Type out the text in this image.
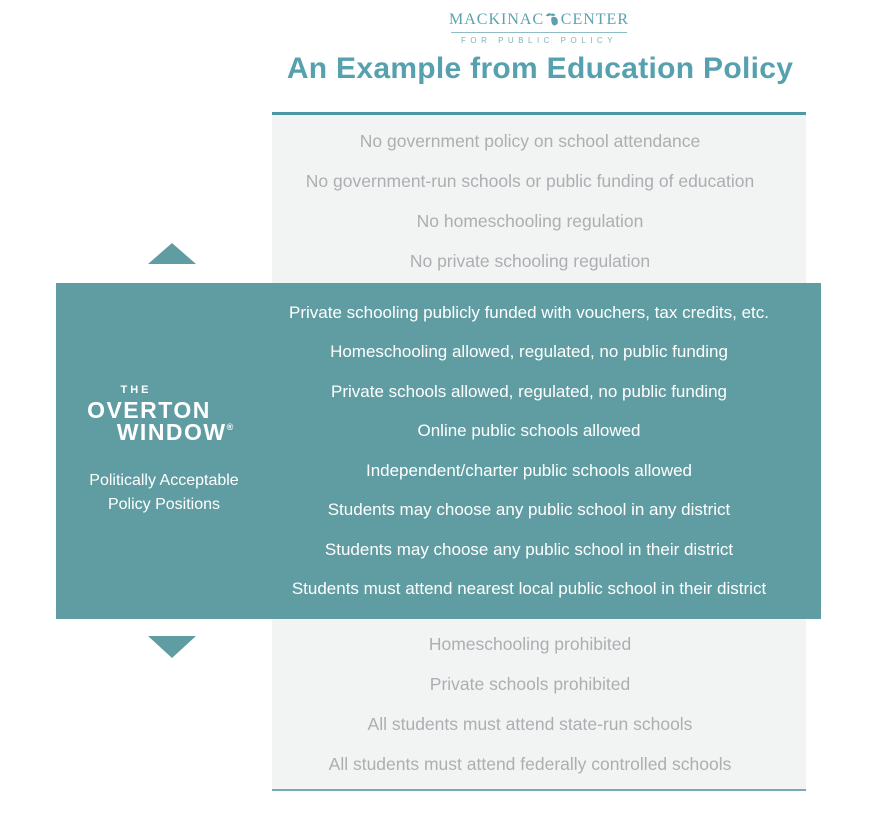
MACKINAC CENTER
FOR PUBLIC POLICY
An Example from Education Policy
No government policy on school attendance
No government-run schools or public funding of education
No homeschooling regulation
No private schooling regulation
Homeschooling prohibited
Private schools prohibited
All students must attend state-run schools
All students must attend federally controlled schools
THE
OVERTON
WINDOW®
Politically Acceptable
Policy Positions
Private schooling publicly funded with vouchers, tax credits, etc.
Homeschooling allowed, regulated, no public funding
Private schools allowed, regulated, no public funding
Online public schools allowed
Independent/charter public schools allowed
Students may choose any public school in any district
Students may choose any public school in their district
Students must attend nearest local public school in their district
